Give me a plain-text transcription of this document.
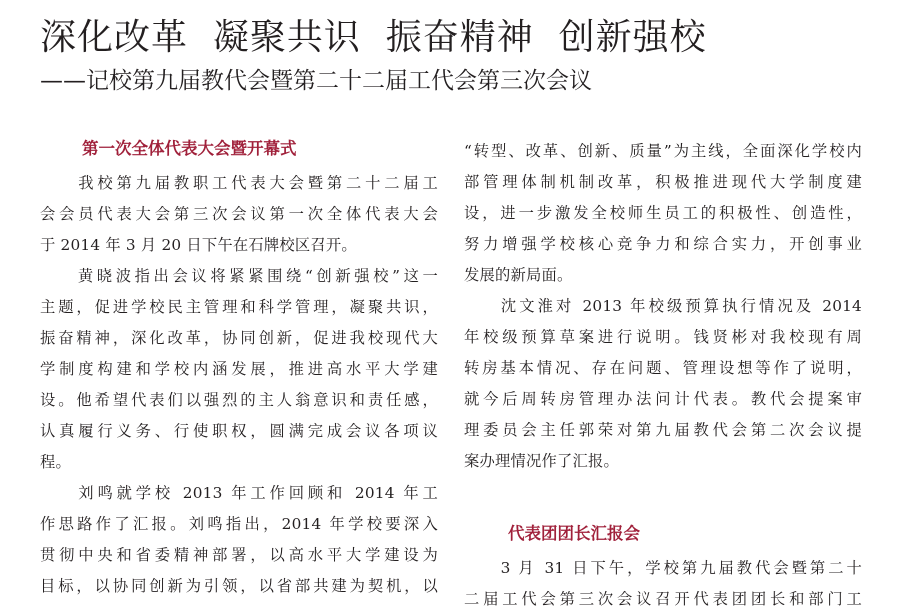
深化改革  凝聚共识  振奋精神  创新强校
——记校第九届教代会暨第二十二届工代会第三次会议
第一次全体代表大会暨开幕式

　　我校第九届教职工代表大会暨第二十二届工
会会员代表大会第三次会议第一次全体代表大会
于 2014 年 3 月 20 日下午在石牌校区召开。

　　黄晓波指出会议将紧紧围绕“创新强校”这一
主题，促进学校民主管理和科学管理，凝聚共识，
振奋精神，深化改革，协同创新，促进我校现代大
学制度构建和学校内涵发展，推进高水平大学建
设。他希望代表们以强烈的主人翁意识和责任感，
认真履行义务、行使职权，圆满完成会议各项议
程。

　　刘鸣就学校 2013 年工作回顾和 2014 年工
作思路作了汇报。刘鸣指出，2014 年学校要深入
贯彻中央和省委精神部署，以高水平大学建设为
目标，以协同创新为引领，以省部共建为契机，以

“转型、改革、创新、质量”为主线，全面深化学校内
部管理体制机制改革，积极推进现代大学制度建
设，进一步激发全校师生员工的积极性、创造性，
努力增强学校核心竞争力和综合实力，开创事业
发展的新局面。

　　沈文淮对 2013 年校级预算执行情况及 2014
年校级预算草案进行说明。钱贤彬对我校现有周
转房基本情况、存在问题、管理设想等作了说明，
就今后周转房管理办法问计代表。教代会提案审
理委员会主任郭荣对第九届教代会第二次会议提
案办理情况作了汇报。

代表团团长汇报会

　　3 月 31 日下午，学校第九届教代会暨第二十
二届工代会第三次会议召开代表团团长和部门工
